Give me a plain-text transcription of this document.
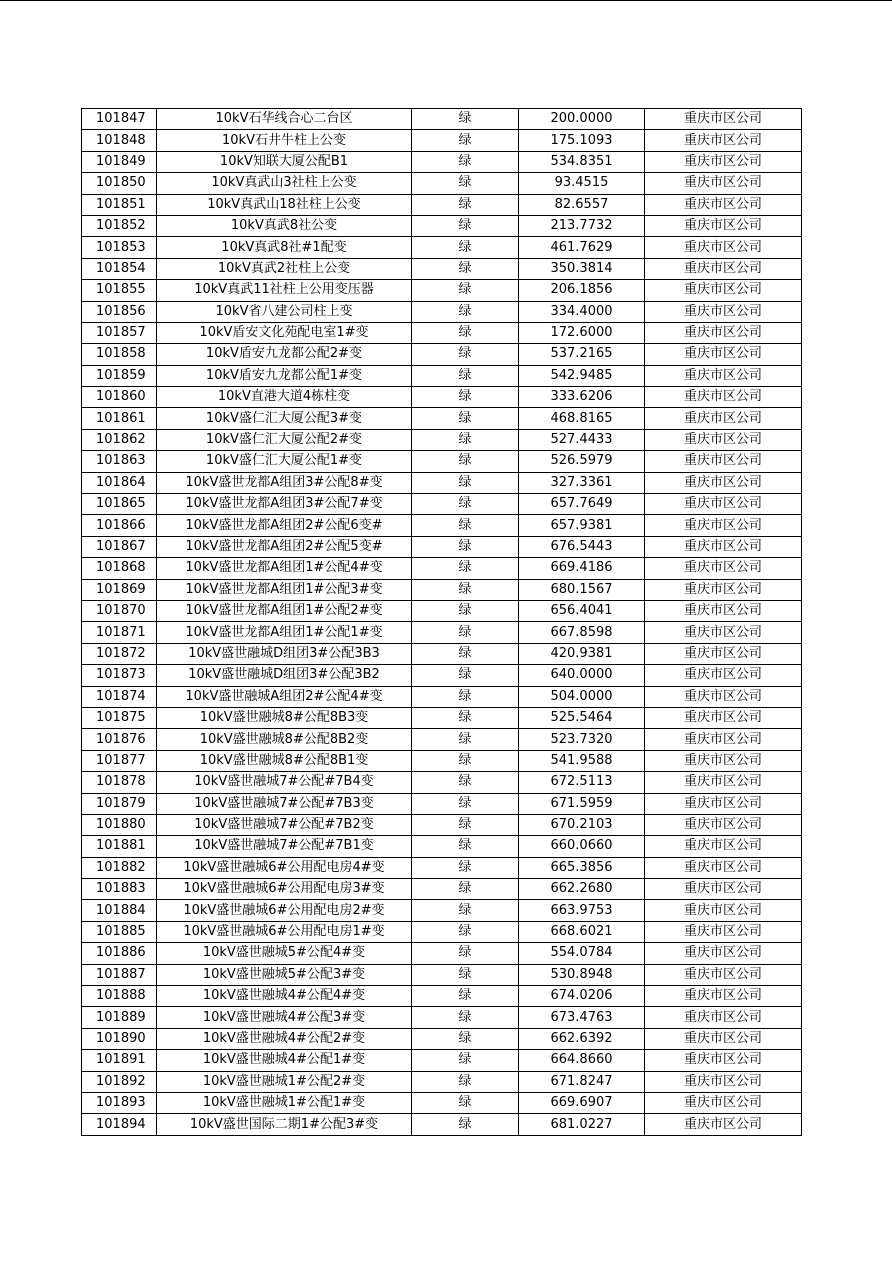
101847	10kV石华线合心二台区	绿	200.0000	重庆市区公司
101848	10kV石井牛柱上公变	绿	175.1093	重庆市区公司
101849	10kV知联大厦公配B1	绿	534.8351	重庆市区公司
101850	10kV真武山3社柱上公变	绿	93.4515	重庆市区公司
101851	10kV真武山18社柱上公变	绿	82.6557	重庆市区公司
101852	10kV真武8社公变	绿	213.7732	重庆市区公司
101853	10kV真武8社#1配变	绿	461.7629	重庆市区公司
101854	10kV真武2社柱上公变	绿	350.3814	重庆市区公司
101855	10kV真武11社柱上公用变压器	绿	206.1856	重庆市区公司
101856	10kV省八建公司柱上变	绿	334.4000	重庆市区公司
101857	10kV盾安文化苑配电室1#变	绿	172.6000	重庆市区公司
101858	10kV盾安九龙都公配2#变	绿	537.2165	重庆市区公司
101859	10kV盾安九龙都公配1#变	绿	542.9485	重庆市区公司
101860	10kV直港大道4栋柱变	绿	333.6206	重庆市区公司
101861	10kV盛仁汇大厦公配3#变	绿	468.8165	重庆市区公司
101862	10kV盛仁汇大厦公配2#变	绿	527.4433	重庆市区公司
101863	10kV盛仁汇大厦公配1#变	绿	526.5979	重庆市区公司
101864	10kV盛世龙都A组团3#公配8#变	绿	327.3361	重庆市区公司
101865	10kV盛世龙都A组团3#公配7#变	绿	657.7649	重庆市区公司
101866	10kV盛世龙都A组团2#公配6变#	绿	657.9381	重庆市区公司
101867	10kV盛世龙都A组团2#公配5变#	绿	676.5443	重庆市区公司
101868	10kV盛世龙都A组团1#公配4#变	绿	669.4186	重庆市区公司
101869	10kV盛世龙都A组团1#公配3#变	绿	680.1567	重庆市区公司
101870	10kV盛世龙都A组团1#公配2#变	绿	656.4041	重庆市区公司
101871	10kV盛世龙都A组团1#公配1#变	绿	667.8598	重庆市区公司
101872	10kV盛世融城D组团3#公配3B3	绿	420.9381	重庆市区公司
101873	10kV盛世融城D组团3#公配3B2	绿	640.0000	重庆市区公司
101874	10kV盛世融城A组团2#公配4#变	绿	504.0000	重庆市区公司
101875	10kV盛世融城8#公配8B3变	绿	525.5464	重庆市区公司
101876	10kV盛世融城8#公配8B2变	绿	523.7320	重庆市区公司
101877	10kV盛世融城8#公配8B1变	绿	541.9588	重庆市区公司
101878	10kV盛世融城7#公配#7B4变	绿	672.5113	重庆市区公司
101879	10kV盛世融城7#公配#7B3变	绿	671.5959	重庆市区公司
101880	10kV盛世融城7#公配#7B2变	绿	670.2103	重庆市区公司
101881	10kV盛世融城7#公配#7B1变	绿	660.0660	重庆市区公司
101882	10kV盛世融城6#公用配电房4#变	绿	665.3856	重庆市区公司
101883	10kV盛世融城6#公用配电房3#变	绿	662.2680	重庆市区公司
101884	10kV盛世融城6#公用配电房2#变	绿	663.9753	重庆市区公司
101885	10kV盛世融城6#公用配电房1#变	绿	668.6021	重庆市区公司
101886	10kV盛世融城5#公配4#变	绿	554.0784	重庆市区公司
101887	10kV盛世融城5#公配3#变	绿	530.8948	重庆市区公司
101888	10kV盛世融城4#公配4#变	绿	674.0206	重庆市区公司
101889	10kV盛世融城4#公配3#变	绿	673.4763	重庆市区公司
101890	10kV盛世融城4#公配2#变	绿	662.6392	重庆市区公司
101891	10kV盛世融城4#公配1#变	绿	664.8660	重庆市区公司
101892	10kV盛世融城1#公配2#变	绿	671.8247	重庆市区公司
101893	10kV盛世融城1#公配1#变	绿	669.6907	重庆市区公司
101894	10kV盛世国际二期1#公配3#变	绿	681.0227	重庆市区公司
